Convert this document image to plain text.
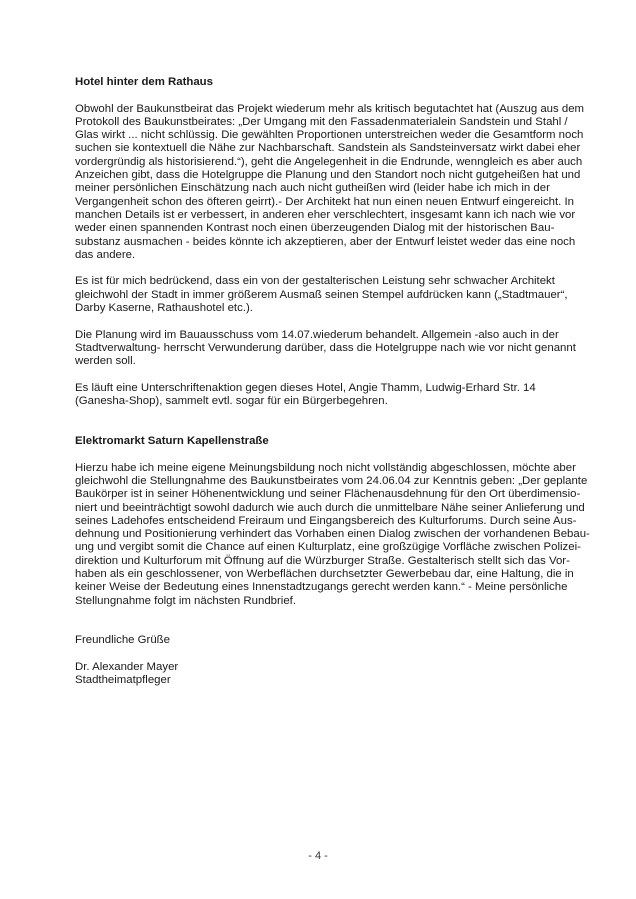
Hotel hinter dem Rathaus

Obwohl der Baukunstbeirat das Projekt wiederum mehr als kritisch begutachtet hat (Auszug aus dem
Protokoll des Baukunstbeirates: „Der Umgang mit den Fassadenmaterialein Sandstein und Stahl /
Glas wirkt ... nicht schlüssig. Die gewählten Proportionen unterstreichen weder die Gesamtform noch
suchen sie kontextuell die Nähe zur Nachbarschaft. Sandstein als Sandsteinversatz wirkt dabei eher
vordergründig als historisierend.“), geht die Angelegenheit in die Endrunde, wenngleich es aber auch
Anzeichen gibt, dass die Hotelgruppe die Planung und den Standort noch nicht gutgeheißen hat und
meiner persönlichen Einschätzung nach auch nicht gutheißen wird (leider habe ich mich in der
Vergangenheit schon des öfteren geirrt).- Der Architekt hat nun einen neuen Entwurf eingereicht. In
manchen Details ist er verbessert, in anderen eher verschlechtert, insgesamt kann ich nach wie vor
weder einen spannenden Kontrast noch einen überzeugenden Dialog mit der historischen Bau-
substanz ausmachen - beides könnte ich akzeptieren, aber der Entwurf leistet weder das eine noch
das andere.

Es ist für mich bedrückend, dass ein von der gestalterischen Leistung sehr schwacher Architekt
gleichwohl der Stadt in immer größerem Ausmaß seinen Stempel aufdrücken kann („Stadtmauer“,
Darby Kaserne, Rathaushotel etc.).

Die Planung wird im Bauausschuss vom 14.07.wiederum behandelt. Allgemein -also auch in der
Stadtverwaltung- herrscht Verwunderung darüber, dass die Hotelgruppe nach wie vor nicht genannt
werden soll.

Es läuft eine Unterschriftenaktion gegen dieses Hotel, Angie Thamm, Ludwig-Erhard Str. 14
(Ganesha-Shop), sammelt evtl. sogar für ein Bürgerbegehren.

Elektromarkt Saturn Kapellenstraße

Hierzu habe ich meine eigene Meinungsbildung noch nicht vollständig abgeschlossen, möchte aber
gleichwohl die Stellungnahme des Baukunstbeirates vom 24.06.04 zur Kenntnis geben: „Der geplante
Baukörper ist in seiner Höhenentwicklung und seiner Flächenausdehnung für den Ort überdimensio-
niert und beeinträchtigt sowohl dadurch wie auch durch die unmittelbare Nähe seiner Anlieferung und
seines Ladehofes entscheidend Freiraum und Eingangsbereich des Kulturforums. Durch seine Aus-
dehnung und Positionierung verhindert das Vorhaben einen Dialog zwischen der vorhandenen Bebau-
ung und vergibt somit die Chance auf einen Kulturplatz, eine großzügige Vorfläche zwischen Polizei-
direktion und Kulturforum mit Öffnung auf die Würzburger Straße. Gestalterisch stellt sich das Vor-
haben als ein geschlossener, von Werbeflächen durchsetzter Gewerbebau dar, eine Haltung, die in
keiner Weise der Bedeutung eines Innenstadtzugangs gerecht werden kann.“ - Meine persönliche
Stellungnahme folgt im nächsten Rundbrief.

Freundliche Grüße

Dr. Alexander Mayer
Stadtheimatpfleger
- 4 -
